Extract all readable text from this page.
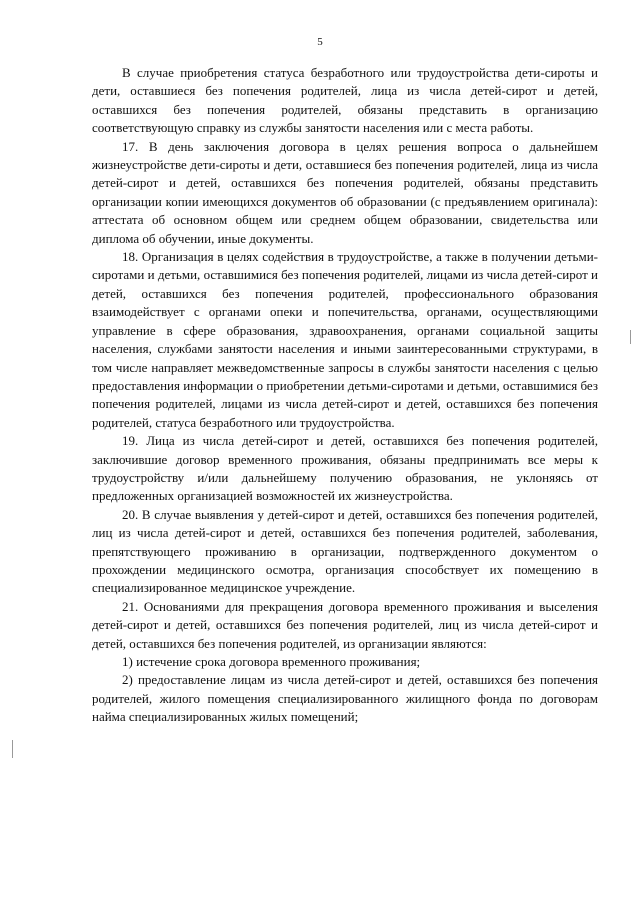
5

В случае приобретения статуса безработного или трудоустройства дети-сироты и дети, оставшиеся без попечения родителей, лица из числа детей-сирот и детей, оставшихся без попечения родителей, обязаны представить в организацию соответствующую справку из службы занятости населения или с места работы.

17. В день заключения договора в целях решения вопроса о дальнейшем жизнеустройстве дети-сироты и дети, оставшиеся без попечения родителей, лица из числа детей-сирот и детей, оставшихся без попечения родителей, обязаны представить организации копии имеющихся документов об образовании (с предъявлением оригинала): аттестата об основном общем или среднем общем образовании, свидетельства или диплома об обучении, иные документы.

18. Организация в целях содействия в трудоустройстве, а также в получении детьми-сиротами и детьми, оставшимися без попечения родителей, лицами из числа детей-сирот и детей, оставшихся без попечения родителей, профессионального образования взаимодействует с органами опеки и попечительства, органами, осуществляющими управление в сфере образования, здравоохранения, органами социальной защиты населения, службами занятости населения и иными заинтересованными структурами, в том числе направляет межведомственные запросы в службы занятости населения с целью предоставления информации о приобретении детьми-сиротами и детьми, оставшимися без попечения родителей, лицами из числа детей-сирот и детей, оставшихся без попечения родителей, статуса безработного или трудоустройства.

19. Лица из числа детей-сирот и детей, оставшихся без попечения родителей, заключившие договор временного проживания, обязаны предпринимать все меры к трудоустройству и/или дальнейшему получению образования, не уклоняясь от предложенных организацией возможностей их жизнеустройства.

20. В случае выявления у детей-сирот и детей, оставшихся без попечения родителей, лиц из числа детей-сирот и детей, оставшихся без попечения родителей, заболевания, препятствующего проживанию в организации, подтвержденного документом о прохождении медицинского осмотра, организация способствует их помещению в специализированное медицинское учреждение.

21. Основаниями для прекращения договора временного проживания и выселения детей-сирот и детей, оставшихся без попечения родителей, лиц из числа детей-сирот и детей, оставшихся без попечения родителей, из организации являются:

1) истечение срока договора временного проживания;

2) предоставление лицам из числа детей-сирот и детей, оставшихся без попечения родителей, жилого помещения специализированного жилищного фонда по договорам найма специализированных жилых помещений;
